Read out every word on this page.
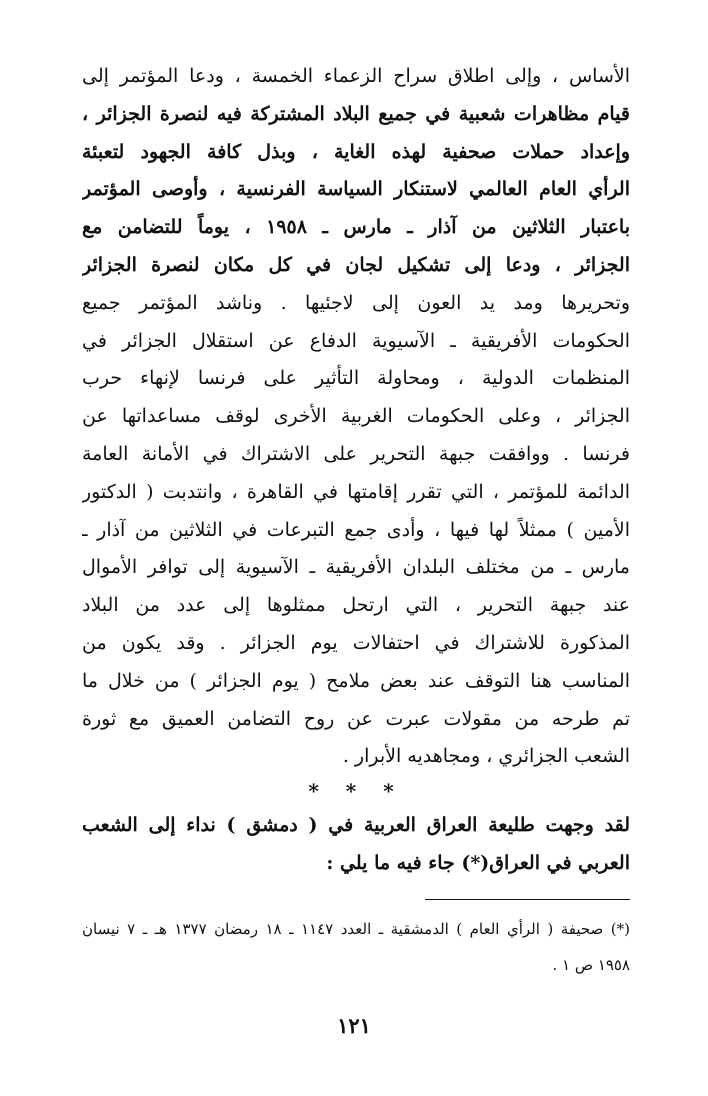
الأساس ، وإلى اطلاق سراح الزعماء الخمسة ، ودعا المؤتمر إلى
قيام مظاهرات شعبية في جميع البلاد المشتركة فيه لنصرة الجزائر ،
وإعداد حملات صحفية لهذه الغاية ، وبذل كافة الجهود لتعبئة
الرأي العام العالمي لاستنكار السياسة الفرنسية ، وأوصى المؤتمر
باعتبار الثلاثين من آذار ـ مارس ـ ١٩٥٨ ، يوماً للتضامن مع
الجزائر ، ودعا إلى تشكيل لجان في كل مكان لنصرة الجزائر
وتحريرها ومد يد العون إلى لاجئيها . وناشد المؤتمر جميع
الحكومات الأفريقية ـ الآسيوية الدفاع عن استقلال الجزائر في
المنظمات الدولية ، ومحاولة التأثير على فرنسا لإنهاء حرب
الجزائر ، وعلى الحكومات الغربية الأخرى لوقف مساعداتها عن
فرنسا . ووافقت جبهة التحرير على الاشتراك في الأمانة العامة
الدائمة للمؤتمر ، التي تقرر إقامتها في القاهرة ، وانتدبت ( الدكتور
الأمين ) ممثلاً لها فيها ، وأدى جمع التبرعات في الثلاثين من آذار ـ
مارس ـ من مختلف البلدان الأفريقية ـ الآسيوية إلى توافر الأموال
عند جبهة التحرير ، التي ارتحل ممثلوها إلى عدد من البلاد
المذكورة للاشتراك في احتفالات يوم الجزائر . وقد يكون من
المناسب هنا التوقف عند بعض ملامح ( يوم الجزائر ) من خلال ما
تم طرحه من مقولات عبرت عن روح التضامن العميق مع ثورة
الشعب الجزائري ، ومجاهديه الأبرار .
* * *
لقد وجهت طليعة العراق العربية في ( دمشق ) نداء إلى الشعب
العربي في العراق(*) جاء فيه ما يلي :
(*) صحيفة ( الرأي العام ) الدمشقية ـ العدد ١١٤٧ ـ ١٨ رمضان ١٣٧٧ هـ ـ ٧ نيسان
١٩٥٨ ص ١ .
١٢١
